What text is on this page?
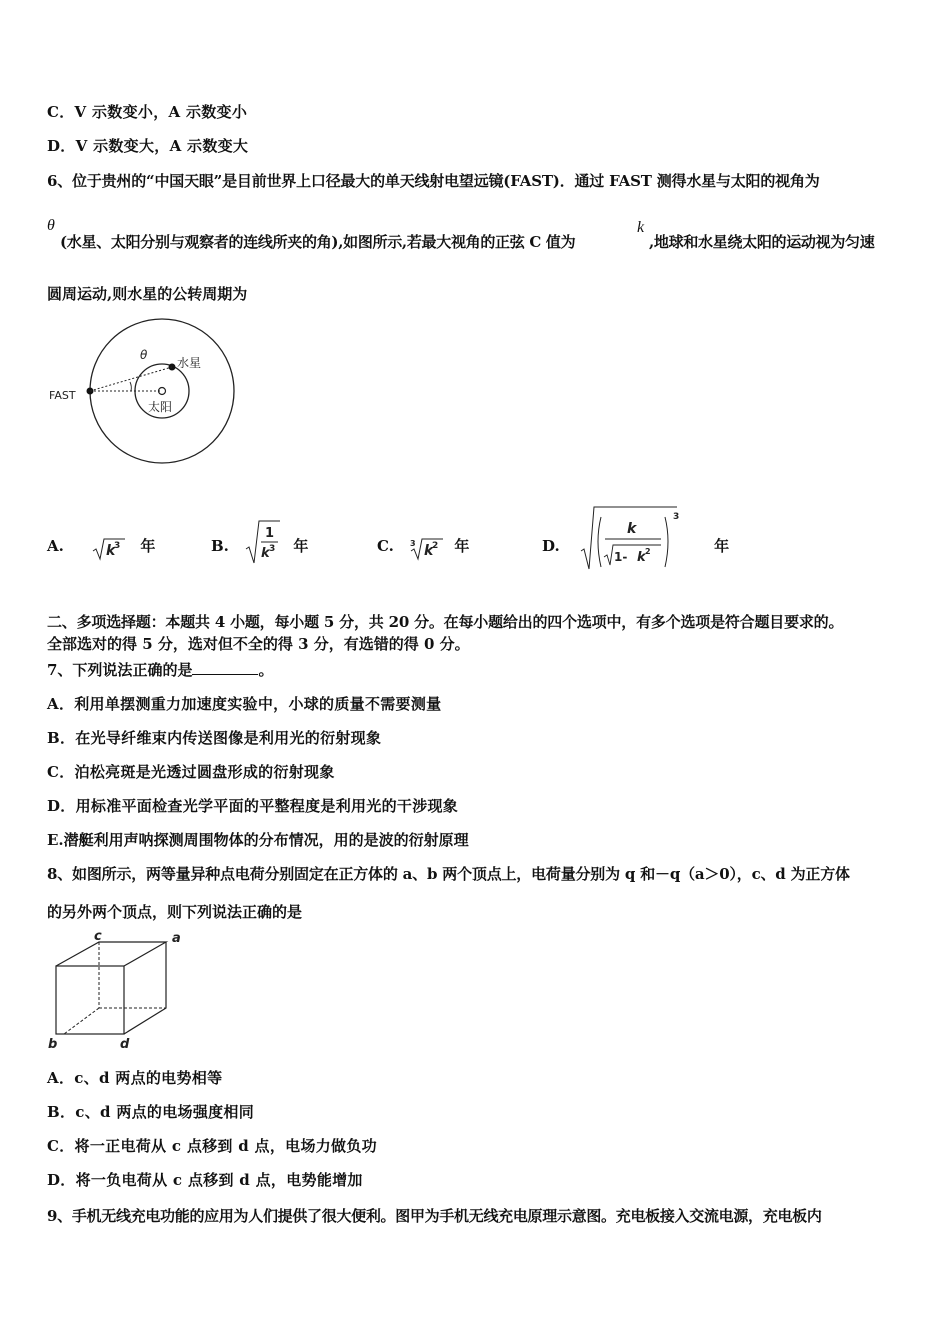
C．V 示数变小，A 示数变小
D．V 示数变大，A 示数变大
6、位于贵州的“中国天眼”是目前世界上口径最大的单天线射电望远镜(FAST)．通过 FAST 测得水星与太阳的视角为
θ
(水星、太阳分别与观察者的连线所夹的角),如图所示,若最大视角的正弦 C 值为
k
,地球和水星绕太阳的运动视为匀速
圆周运动,则水星的公转周期为
FAST
水星
太阳
θ
A.	k
3 年	B.
1
k 3 年	C. 3 k
2 年	D.
3
k
1- k 2	年
二、多项选择题：本题共 4 小题，每小题 5 分，共 20 分。在每小题给出的四个选项中，有多个选项是符合题目要求的。
全部选对的得 5 分，选对但不全的得 3 分，有选错的得 0 分。
7、下列说法正确的是	。
A．利用单摆测重力加速度实验中，小球的质量不需要测量
B．在光导纤维束内传送图像是利用光的衍射现象
C．泊松亮斑是光透过圆盘形成的衍射现象
D．用标准平面检查光学平面的平整程度是利用光的干涉现象
E.潜艇利用声呐探测周围物体的分布情况，用的是波的衍射原理
8、如图所示，两等量异种点电荷分别固定在正方体的 a、b 两个顶点上，电荷量分别为 q 和－q（a＞0），c、d 为正方体
的另外两个顶点，则下列说法正确的是
c	a
b	d
A．c、d 两点的电势相等
B．c、d 两点的电场强度相同
C．将一正电荷从 c 点移到 d 点，电场力做负功
D．将一负电荷从 c 点移到 d 点，电势能增加
9、手机无线充电功能的应用为人们提供了很大便利。图甲为手机无线充电原理示意图。充电板接入交流电源，充电板内
